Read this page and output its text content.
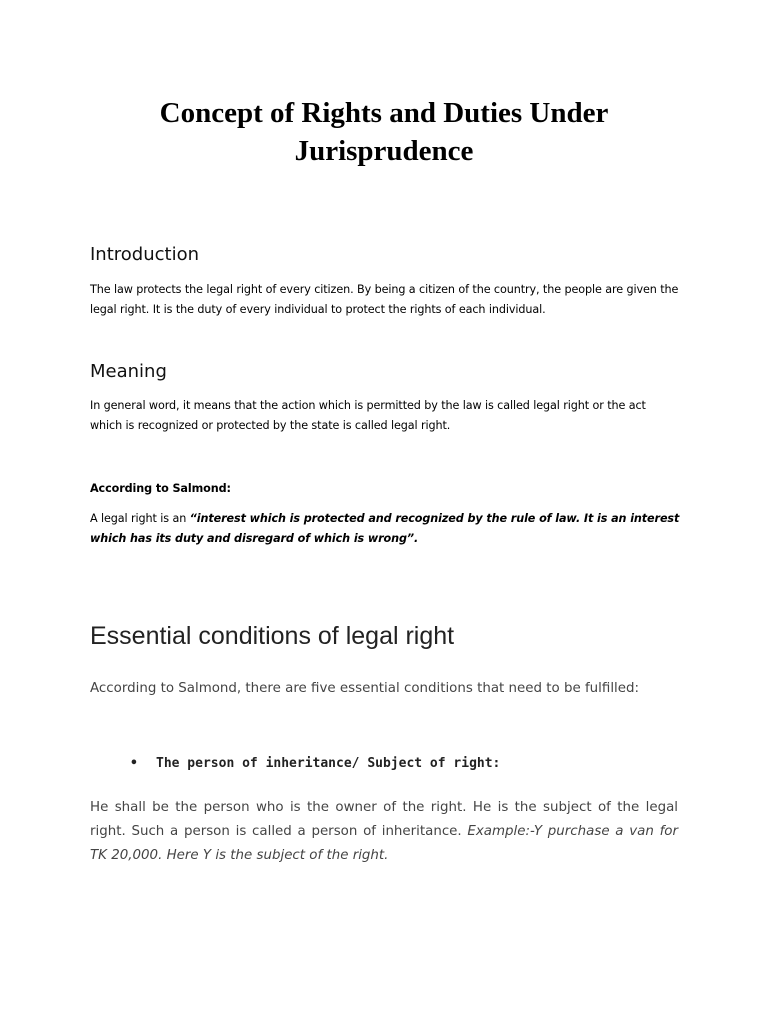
Concept of Rights and Duties Under Jurisprudence
Introduction

The law protects the legal right of every citizen. By being a citizen of the country, the people are given the legal right. It is the duty of every individual to protect the rights of each individual.

Meaning

In general word, it means that the action which is permitted by the law is called legal right or the act which is recognized or protected by the state is called legal right.

According to Salmond:

A legal right is an “interest which is protected and recognized by the rule of law. It is an interest which has its duty and disregard of which is wrong”.

Essential conditions of legal right

According to Salmond, there are five essential conditions that need to be fulfilled:

• The person of inheritance/ Subject of right:

He shall be the person who is the owner of the right. He is the subject of the legal right. Such a person is called a person of inheritance. Example:-Y purchase a van for TK 20,000. Here Y is the subject of the right.
